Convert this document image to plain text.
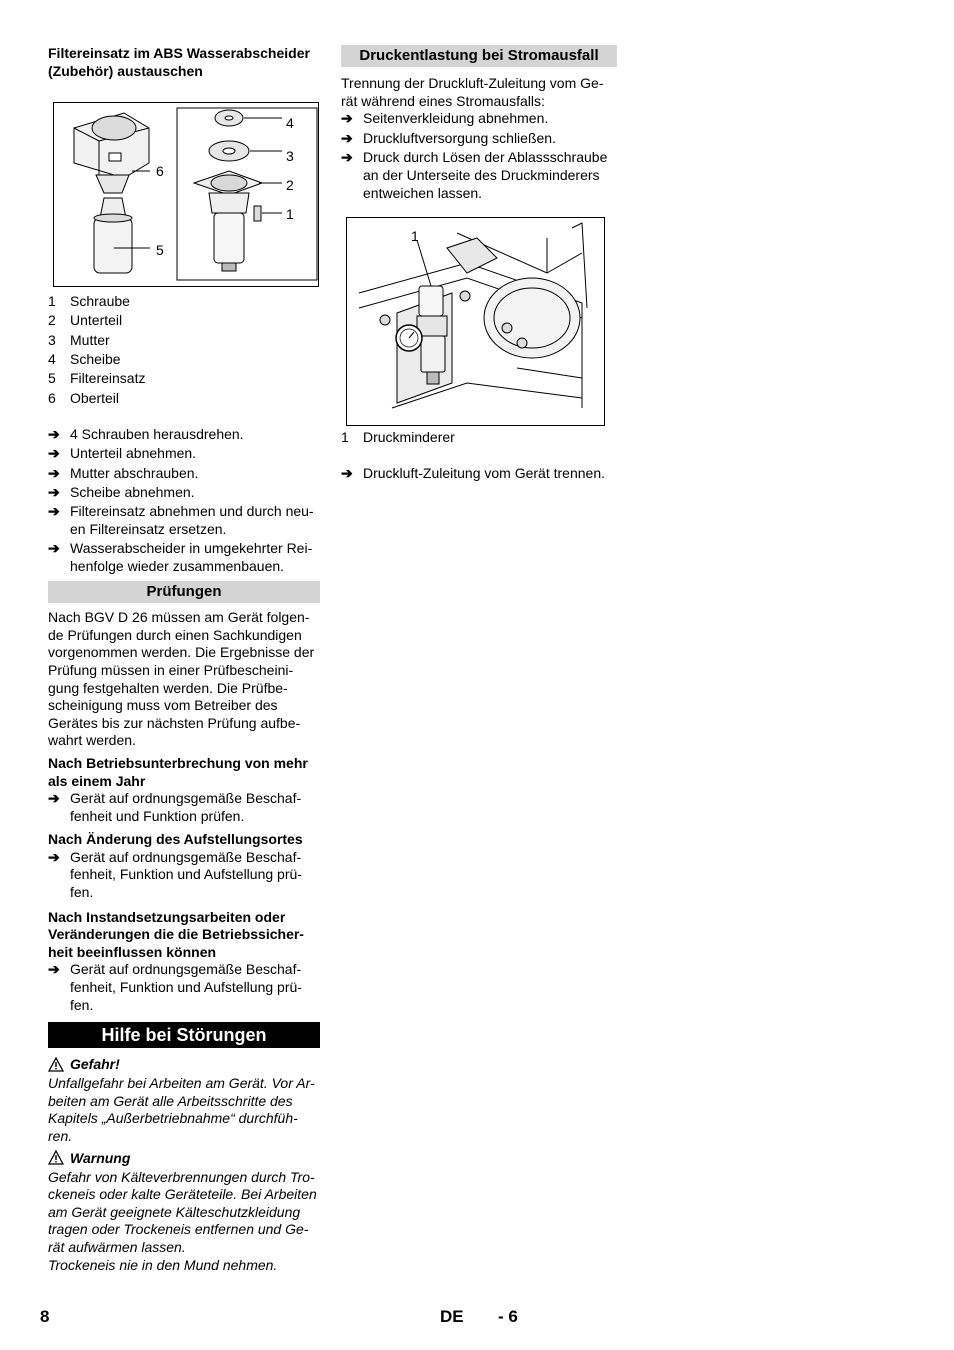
Filtereinsatz im ABS Wasserabscheider (Zubehör) austauschen

4
3
2
1
6
5
1	Schraube
2	Unterteil
3	Mutter
4	Scheibe
5	Filtereinsatz
6	Oberteil
➔ 4 Schrauben herausdrehen.
➔ Unterteil abnehmen.
➔ Mutter abschrauben.
➔ Scheibe abnehmen.
➔ Filtereinsatz abnehmen und durch neu-en Filtereinsatz ersetzen.
➔ Wasserabscheider in umgekehrter Rei-henfolge wieder zusammenbauen.
Prüfungen

Nach BGV D 26 müssen am Gerät folgen-de Prüfungen durch einen Sachkundigen vorgenommen werden. Die Ergebnisse der Prüfung müssen in einer Prüfbescheini-gung festgehalten werden. Die Prüfbe-scheinigung muss vom Betreiber des Gerätes bis zur nächsten Prüfung aufbe-wahrt werden.

Nach Betriebsunterbrechung von mehr als einem Jahr

➔ Gerät auf ordnungsgemäße Beschaf-fenheit und Funktion prüfen.

Nach Änderung des Aufstellungsortes

➔ Gerät auf ordnungsgemäße Beschaf-fenheit, Funktion und Aufstellung prü-fen.

Nach Instandsetzungsarbeiten oder Veränderungen die die Betriebssicher-heit beeinflussen können

➔ Gerät auf ordnungsgemäße Beschaf-fenheit, Funktion und Aufstellung prü-fen.
Hilfe bei Störungen
Gefahr!

Unfallgefahr bei Arbeiten am Gerät. Vor Ar-beiten am Gerät alle Arbeitsschritte des Kapitels „Außerbetriebnahme“ durchfüh-ren.

Warnung

Gefahr von Kälteverbrennungen durch Tro-ckeneis oder kalte Geräteteile. Bei Arbeiten am Gerät geeignete Kälteschutzkleidung tragen oder Trockeneis entfernen und Ge-rät aufwärmen lassen.

Trockeneis nie in den Mund nehmen.

Druckentlastung bei Stromausfall

Trennung der Druckluft-Zuleitung vom Ge-rät während eines Stromausfalls:

➔ Seitenverkleidung abnehmen.
➔ Druckluftversorgung schließen.
➔ Druck durch Lösen der Ablassschraube an der Unterseite des Druckminderers entweichen lassen.
1
1	Druckminderer
➔ Druckluft-Zuleitung vom Gerät trennen.
8	DE - 6
